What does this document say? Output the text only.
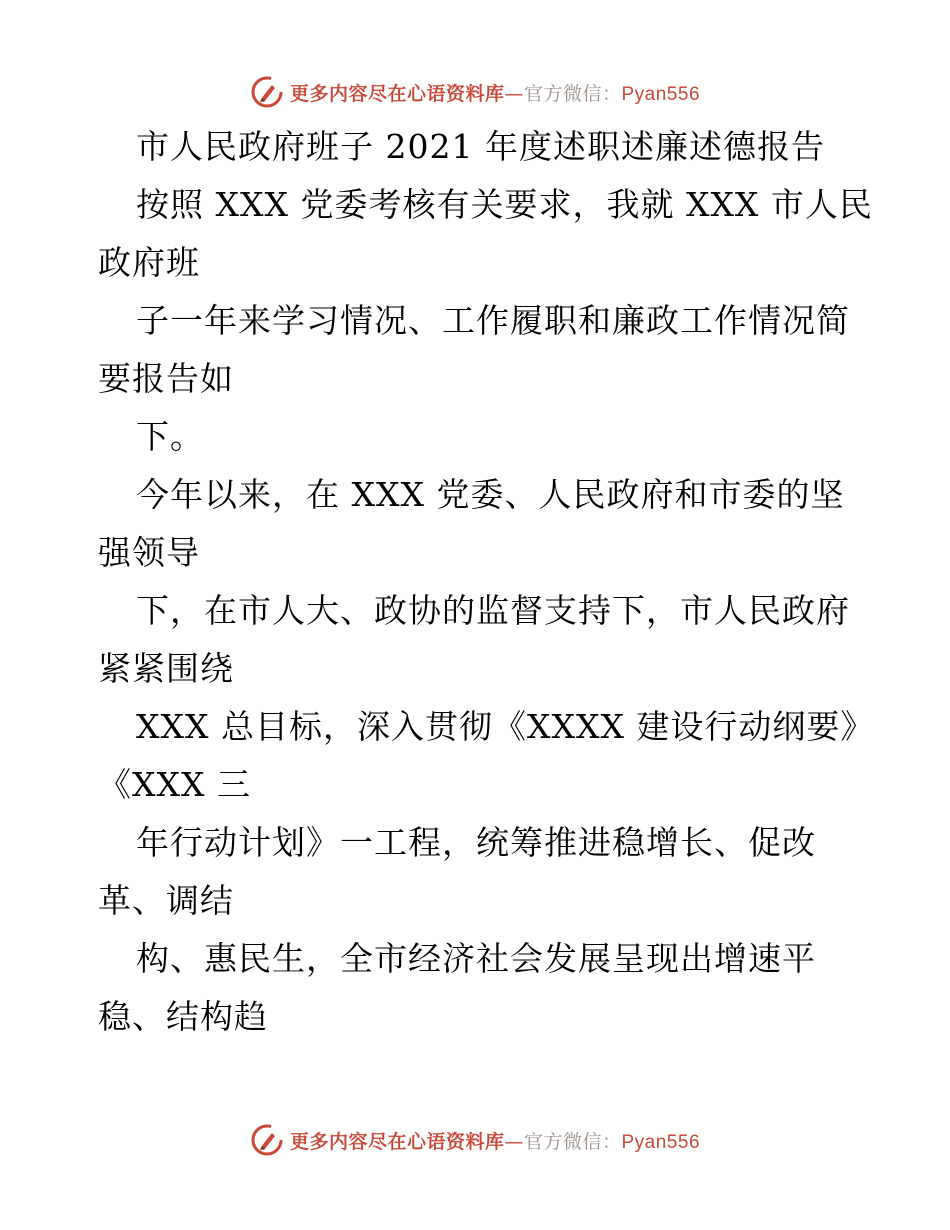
更多内容尽在心语资料库—官方微信：Pyan556
市人民政府班子 2021 年度述职述廉述德报告
按照 XXX 党委考核有关要求，我就 XXX 市人民
政府班
子一年来学习情况、工作履职和廉政工作情况简
要报告如
下。
今年以来，在 XXX 党委、人民政府和市委的坚
强领导
下，在市人大、政协的监督支持下，市人民政府
紧紧围绕
XXX 总目标，深入贯彻《XXXX 建设行动纲要》
《XXX 三
年行动计划》一工程，统筹推进稳增长、促改
革、调结
构、惠民生，全市经济社会发展呈现出增速平
稳、结构趋
更多内容尽在心语资料库—官方微信：Pyan556
